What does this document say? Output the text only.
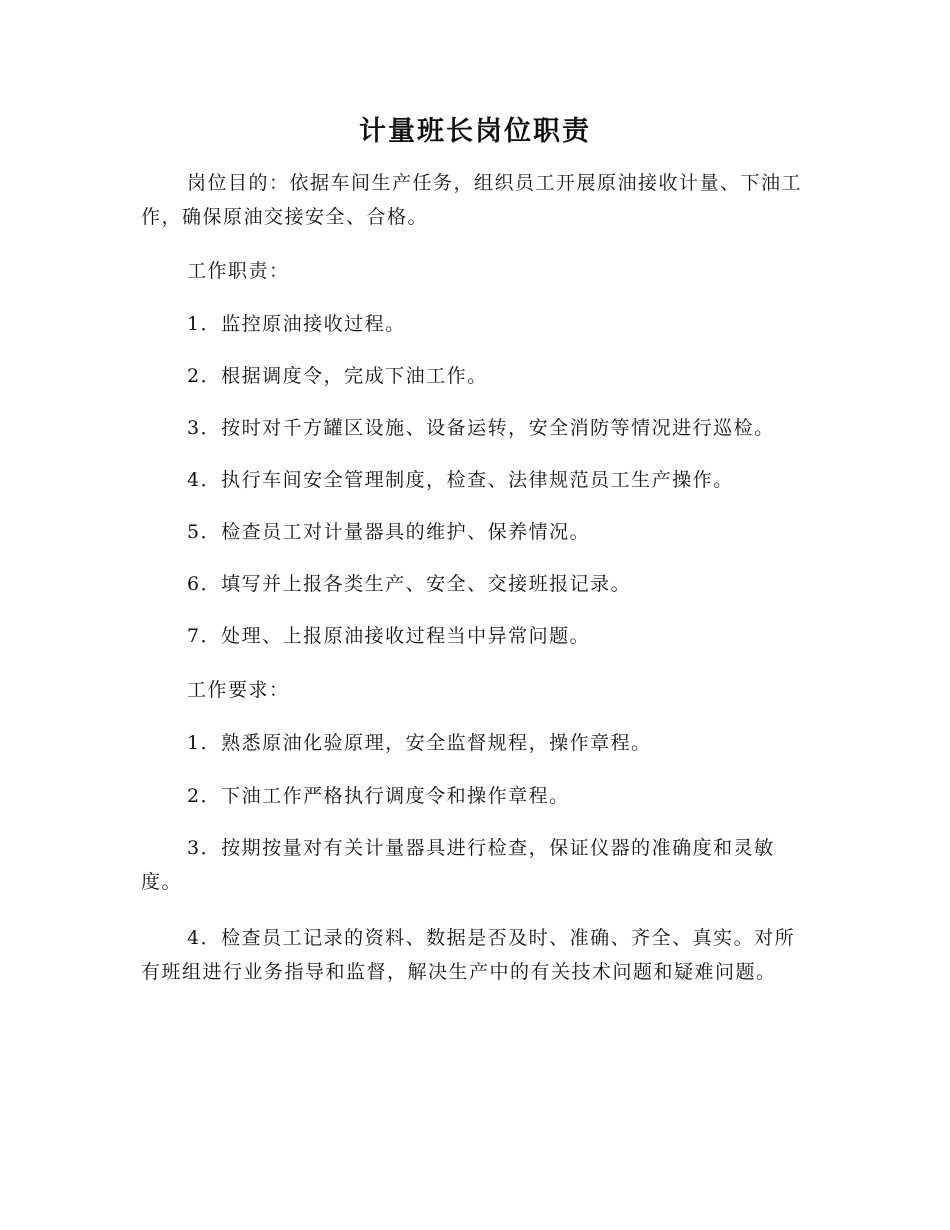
计量班长岗位职责

岗位目的：依据车间生产任务，组织员工开展原油接收计量、下油工作，确保原油交接安全、合格。

工作职责：

1．监控原油接收过程。

2．根据调度令，完成下油工作。

3．按时对千方罐区设施、设备运转，安全消防等情况进行巡检。

4．执行车间安全管理制度，检查、法律规范员工生产操作。

5．检查员工对计量器具的维护、保养情况。

6．填写并上报各类生产、安全、交接班报记录。

7．处理、上报原油接收过程当中异常问题。

工作要求：

1．熟悉原油化验原理，安全监督规程，操作章程。

2．下油工作严格执行调度令和操作章程。

3．按期按量对有关计量器具进行检查，保证仪器的准确度和灵敏度。

4．检查员工记录的资料、数据是否及时、准确、齐全、真实。对所有班组进行业务指导和监督，解决生产中的有关技术问题和疑难问题。
